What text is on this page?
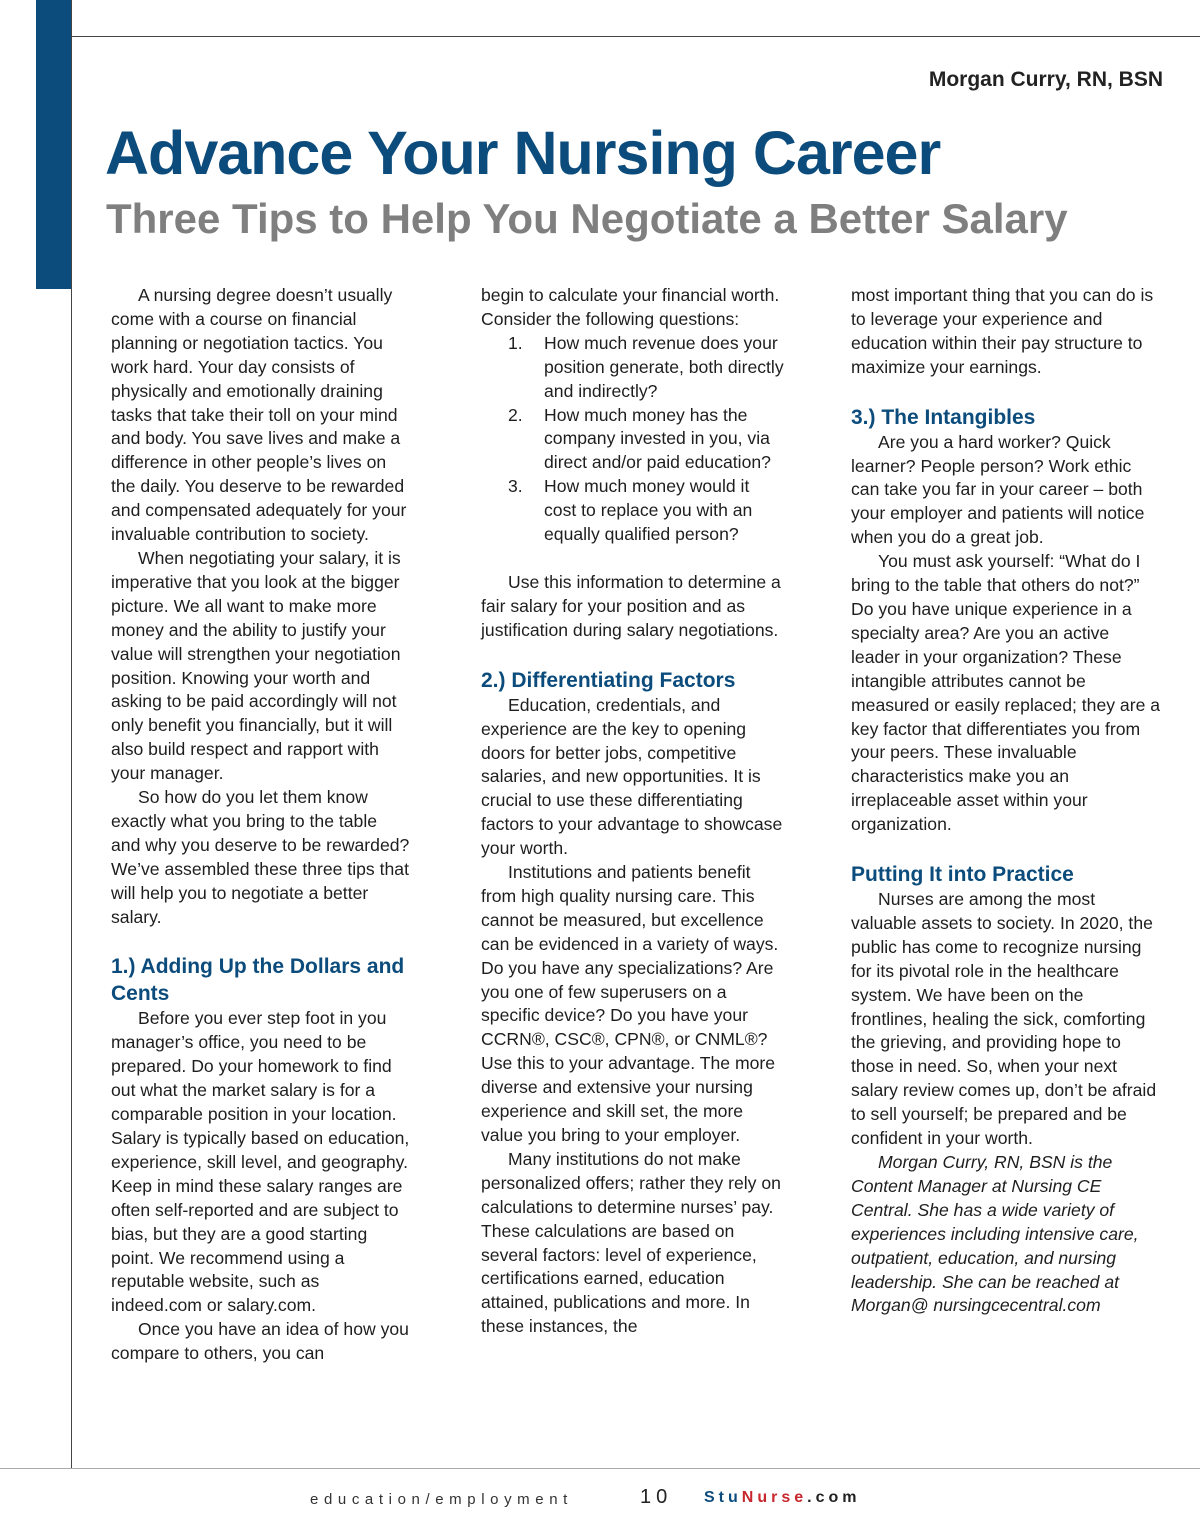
Morgan Curry, RN, BSN
Advance Your Nursing Career
Three Tips to Help You Negotiate a Better Salary

A nursing degree doesn’t usually come with a course on financial planning or negotiation tactics. You work hard. Your day consists of physically and emotionally draining tasks that take their toll on your mind and body. You save lives and make a difference in other people’s lives on the daily. You deserve to be rewarded and compensated adequately for your invaluable contribution to society.

When negotiating your salary, it is imperative that you look at the bigger picture. We all want to make more money and the ability to justify your value will strengthen your negotiation position. Knowing your worth and asking to be paid accordingly will not only benefit you financially, but it will also build respect and rapport with your manager.

So how do you let them know exactly what you bring to the table and why you deserve to be rewarded? We’ve assembled these three tips that will help you to negotiate a better salary.

1.) Adding Up the Dollars and Cents

Before you ever step foot in you manager’s office, you need to be prepared. Do your homework to find out what the market salary is for a comparable position in your location. Salary is typically based on education, experience, skill level, and geography. Keep in mind these salary ranges are often self-reported and are subject to bias, but they are a good starting point. We recommend using a reputable website, such as indeed.com or salary.com.

Once you have an idea of how you compare to others, you can

begin to calculate your financial worth. Consider the following questions:

1. How much revenue does your position generate, both directly and indirectly?
2. How much money has the company invested in you, via direct and/or paid education?
3. How much money would it cost to replace you with an equally qualified person?

Use this information to determine a fair salary for your position and as justification during salary negotiations.

2.) Differentiating Factors

Education, credentials, and experience are the key to opening doors for better jobs, competitive salaries, and new opportunities. It is crucial to use these differentiating factors to your advantage to showcase your worth.

Institutions and patients benefit from high quality nursing care. This cannot be measured, but excellence can be evidenced in a variety of ways. Do you have any specializations? Are you one of few superusers on a specific device? Do you have your CCRN®, CSC®, CPN®, or CNML®? Use this to your advantage. The more diverse and extensive your nursing experience and skill set, the more value you bring to your employer.

Many institutions do not make personalized offers; rather they rely on calculations to determine nurses’ pay. These calculations are based on several factors: level of experience, certifications earned, education attained, publications and more. In these instances, the

most important thing that you can do is to leverage your experience and education within their pay structure to maximize your earnings.

3.) The Intangibles

Are you a hard worker? Quick learner? People person? Work ethic can take you far in your career – both your employer and patients will notice when you do a great job.

You must ask yourself: “What do I bring to the table that others do not?” Do you have unique experience in a specialty area? Are you an active leader in your organization? These intangible attributes cannot be measured or easily replaced; they are a key factor that differentiates you from your peers. These invaluable characteristics make you an irreplaceable asset within your organization.

Putting It into Practice

Nurses are among the most valuable assets to society. In 2020, the public has come to recognize nursing for its pivotal role in the healthcare system. We have been on the frontlines, healing the sick, comforting the grieving, and providing hope to those in need. So, when your next salary review comes up, don’t be afraid to sell yourself; be prepared and be confident in your worth.

Morgan Curry, RN, BSN is the Content Manager at Nursing CE Central. She has a wide variety of experiences including intensive care, outpatient, education, and nursing leadership. She can be reached at Morgan@ nursingcecentral.com

education/employment	10 StuNurse.com
